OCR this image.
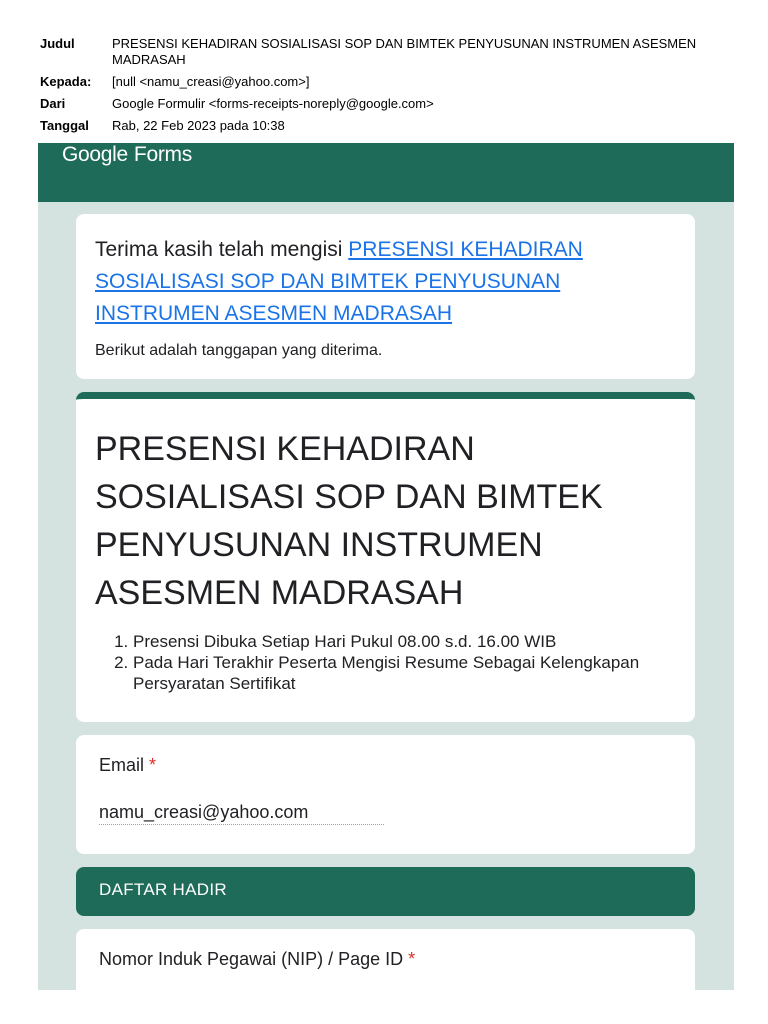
Judul	PRESENSI KEHADIRAN SOSIALISASI SOP DAN BIMTEK PENYUSUNAN INSTRUMEN ASESMEN MADRASAH
Kepada:	[null <namu_creasi@yahoo.com>]
Dari	Google Formulir <forms-receipts-noreply@google.com>
Tanggal	Rab, 22 Feb 2023 pada 10:38
Google Forms
Terima kasih telah mengisi PRESENSI KEHADIRAN SOSIALISASI SOP DAN BIMTEK PENYUSUNAN INSTRUMEN ASESMEN MADRASAH
Berikut adalah tanggapan yang diterima.
PRESENSI KEHADIRAN SOSIALISASI SOP DAN BIMTEK PENYUSUNAN INSTRUMEN ASESMEN MADRASAH
1. Presensi Dibuka Setiap Hari Pukul 08.00 s.d. 16.00 WIB
2. Pada Hari Terakhir Peserta Mengisi Resume Sebagai Kelengkapan Persyaratan Sertifikat
Email *
namu_creasi@yahoo.com
DAFTAR HADIR
Nomor Induk Pegawai (NIP) / Page ID *
